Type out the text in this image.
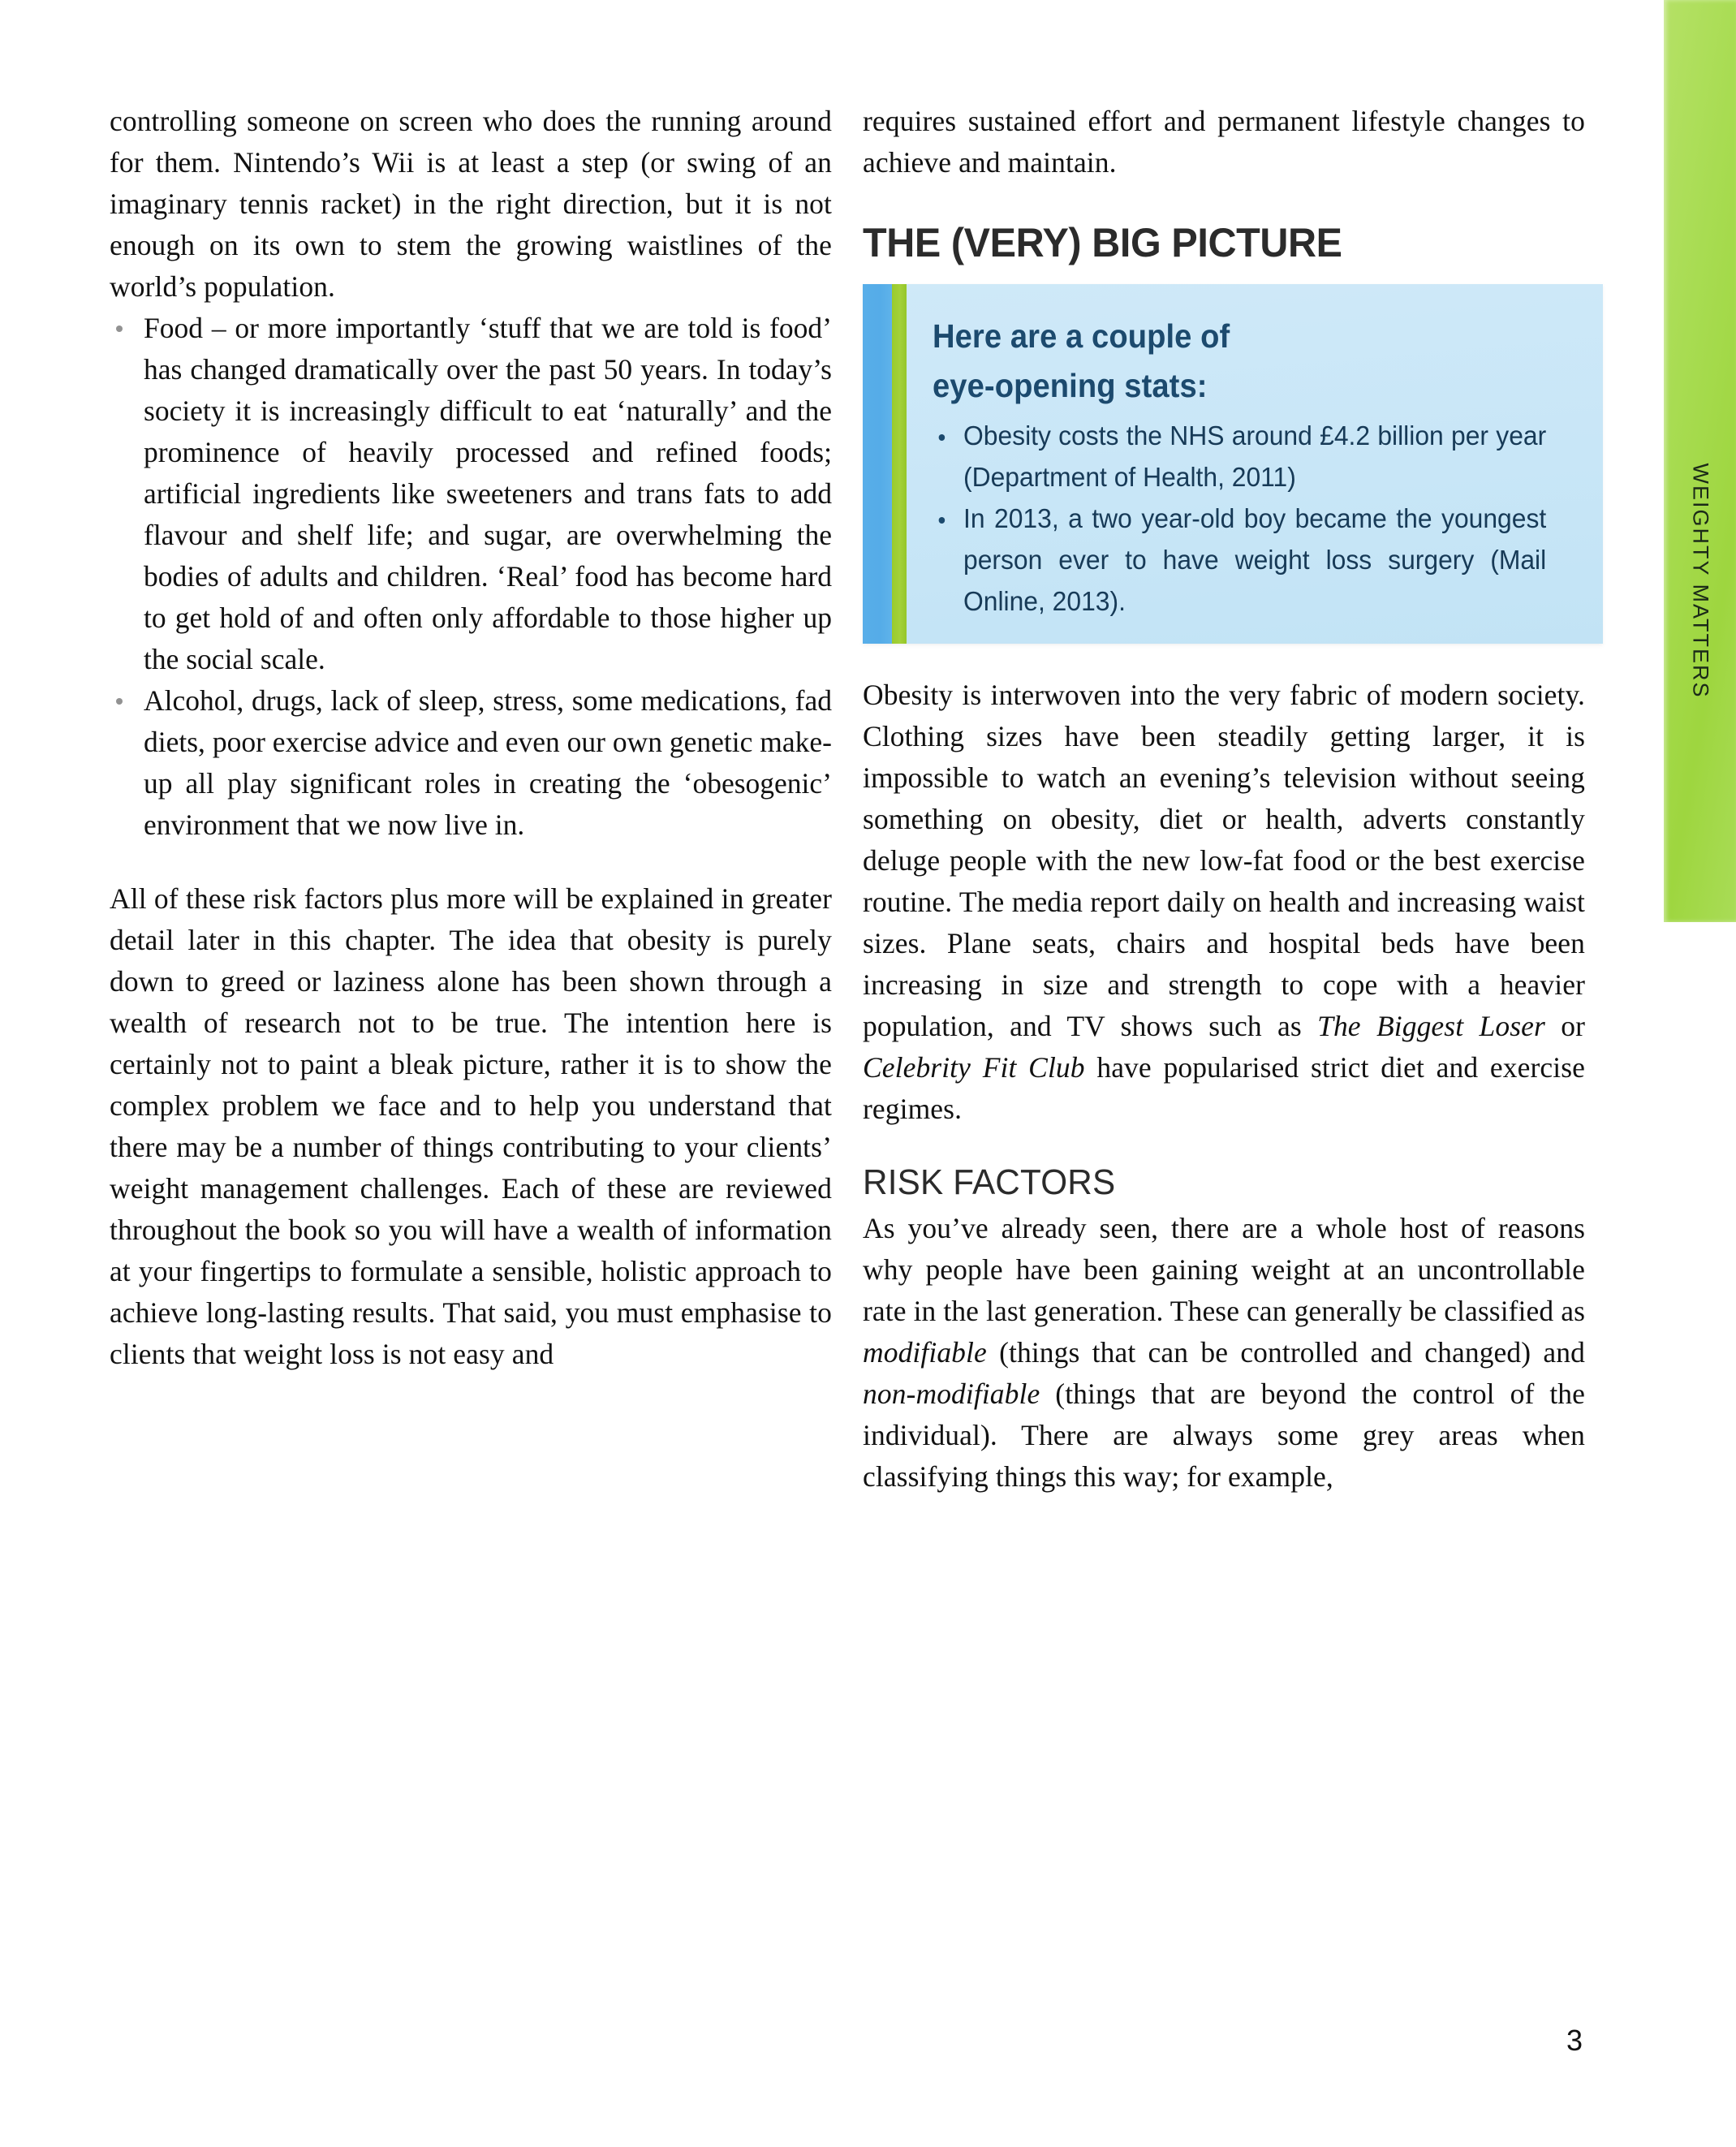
WEIGHTY MATTERS

controlling someone on screen who does the running around for them. Nintendo’s Wii is at least a step (or swing of an imaginary tennis racket) in the right direction, but it is not enough on its own to stem the growing waistlines of the world’s population.

Food – or more importantly ‘stuff that we are told is food’ has changed dramatically over the past 50 years. In today’s society it is increasingly difficult to eat ‘naturally’ and the prominence of heavily processed and refined foods; artificial ingredients like sweeteners and trans fats to add flavour and shelf life; and sugar, are overwhelming the bodies of adults and children. ‘Real’ food has become hard to get hold of and often only affordable to those higher up the social scale.
Alcohol, drugs, lack of sleep, stress, some medications, fad diets, poor exercise advice and even our own genetic make-up all play significant roles in creating the ‘obesogenic’ environment that we now live in.

All of these risk factors plus more will be explained in greater detail later in this chapter. The idea that obesity is purely down to greed or laziness alone has been shown through a wealth of research not to be true. The intention here is certainly not to paint a bleak picture, rather it is to show the complex problem we face and to help you understand that there may be a number of things contributing to your clients’ weight management challenges. Each of these are reviewed throughout the book so you will have a wealth of information at your fingertips to formulate a sensible, holistic approach to achieve long-lasting results. That said, you must emphasise to clients that weight loss is not easy and

requires sustained effort and permanent lifestyle changes to achieve and maintain.

THE (VERY) BIG PICTURE
Here are a couple of
eye-opening stats:
Obesity costs the NHS around £4.2 billion per year (Department of Health, 2011)
In 2013, a two year-old boy became the youngest person ever to have weight loss surgery (Mail Online, 2013).

Obesity is interwoven into the very fabric of modern society. Clothing sizes have been steadily getting larger, it is impossible to watch an evening’s television without seeing something on obesity, diet or health, adverts constantly deluge people with the new low-fat food or the best exercise routine. The media report daily on health and increasing waist sizes. Plane seats, chairs and hospital beds have been increasing in size and strength to cope with a heavier population, and TV shows such as The Biggest Loser or Celebrity Fit Club have popularised strict diet and exercise regimes.

RISK FACTORS

As you’ve already seen, there are a whole host of reasons why people have been gaining weight at an uncontrollable rate in the last generation. These can generally be classified as modifiable (things that can be controlled and changed) and non-modifiable (things that are beyond the control of the individual). There are always some grey areas when classifying things this way; for example,

3
